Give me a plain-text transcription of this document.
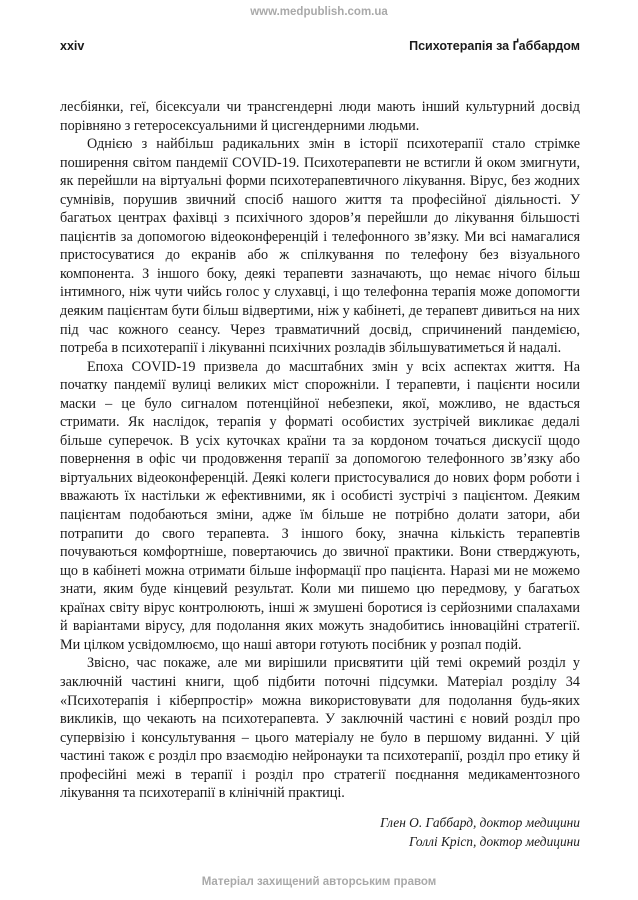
www.medpublish.com.ua
xxiv	Психотерапія за Ґаббардом

лесбіянки, геї, бісексуали чи трансгендерні люди мають інший культурний досвід порівняно з гетеросексуальними й цисгендерними людьми.

Однією з найбільш радикальних змін в історії психотерапії стало стрімке поширення світом пандемії COVID-19. Психотерапевти не встигли й оком змигнути, як перейшли на віртуальні форми психотерапевтичного лікування. Вірус, без жодних сумнівів, порушив звичний спосіб нашого життя та професійної діяльності. У багатьох центрах фахівці з психічного здоров’я перейшли до лікування більшості пацієнтів за допомогою відеоконференцій і телефонного зв’язку. Ми всі намагалися пристосуватися до екранів або ж спілкування по телефону без візуального компонента. З іншого боку, деякі терапевти зазначають, що немає нічого більш інтимного, ніж чути чийсь голос у слухавці, і що телефонна терапія може допомогти деяким пацієнтам бути більш відвертими, ніж у кабінеті, де терапевт дивиться на них під час кожного сеансу. Через травматичний досвід, спричинений пандемією, потреба в психотерапії і лікуванні психічних розладів збільшуватиметься й надалі.

Епоха COVID-19 призвела до масштабних змін у всіх аспектах життя. На початку пандемії вулиці великих міст спорожніли. І терапевти, і пацієнти носили маски – це було сигналом потенційної небезпеки, якої, можливо, не вдасться стримати. Як наслідок, терапія у форматі особистих зустрічей викликає дедалі більше суперечок. В усіх куточках країни та за кордоном точаться дискусії щодо повернення в офіс чи продовження терапії за допомогою телефонного зв’язку або віртуальних відеоконференцій. Деякі колеги пристосувалися до нових форм роботи і вважають їх настільки ж ефективними, як і особисті зустрічі з пацієнтом. Деяким пацієнтам подобаються зміни, адже їм більше не потрібно долати затори, аби потрапити до свого терапевта. З іншого боку, значна кількість терапевтів почуваються комфортніше, повертаючись до звичної практики. Вони стверджують, що в кабінеті можна отримати більше інформації про пацієнта. Наразі ми не можемо знати, яким буде кінцевий результат. Коли ми пишемо цю передмову, у багатьох країнах світу вірус контролюють, інші ж змушені боротися із серйозними спалахами й варіантами вірусу, для подолання яких можуть знадобитись інноваційні стратегії. Ми цілком усвідомлюємо, що наші автори готують посібник у розпал подій.

Звісно, час покаже, але ми вирішили присвятити цій темі окремий розділ у заключній частині книги, щоб підбити поточні підсумки. Матеріал розділу 34 «Психотерапія і кіберпростір» можна використовувати для подолання будь-яких викликів, що чекають на психотерапевта. У заключній частині є новий розділ про супервізію і консультування – цього матеріалу не було в першому виданні. У цій частині також є розділ про взаємодію нейронауки та психотерапії, розділ про етику й професійні межі в терапії і розділ про стратегії поєднання медикаментозного лікування та психотерапії в клінічній практиці.

Глен О. Габбард, доктор медицини
Голлі Крісп, доктор медицини
Матеріал захищений авторським правом
